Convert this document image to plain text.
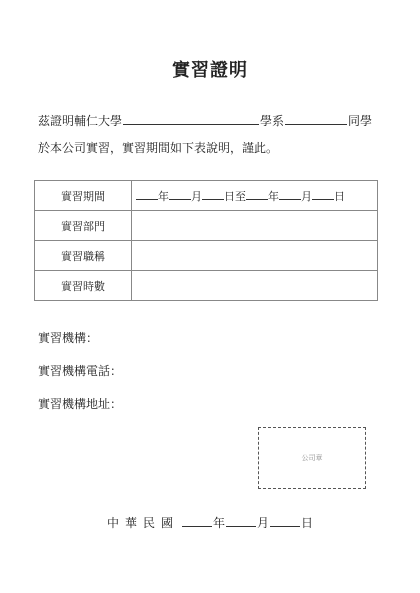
實習證明
茲證明輔仁大學	學系	同學
於本公司實習，實習期間如下表說明，謹此。
實習期間	年 月 日至 年 月 日
實習部門	
實習職稱	
實習時數	
實習機構：
實習機構電話：
實習機構地址：
公司章
中華民國	年	月	日
